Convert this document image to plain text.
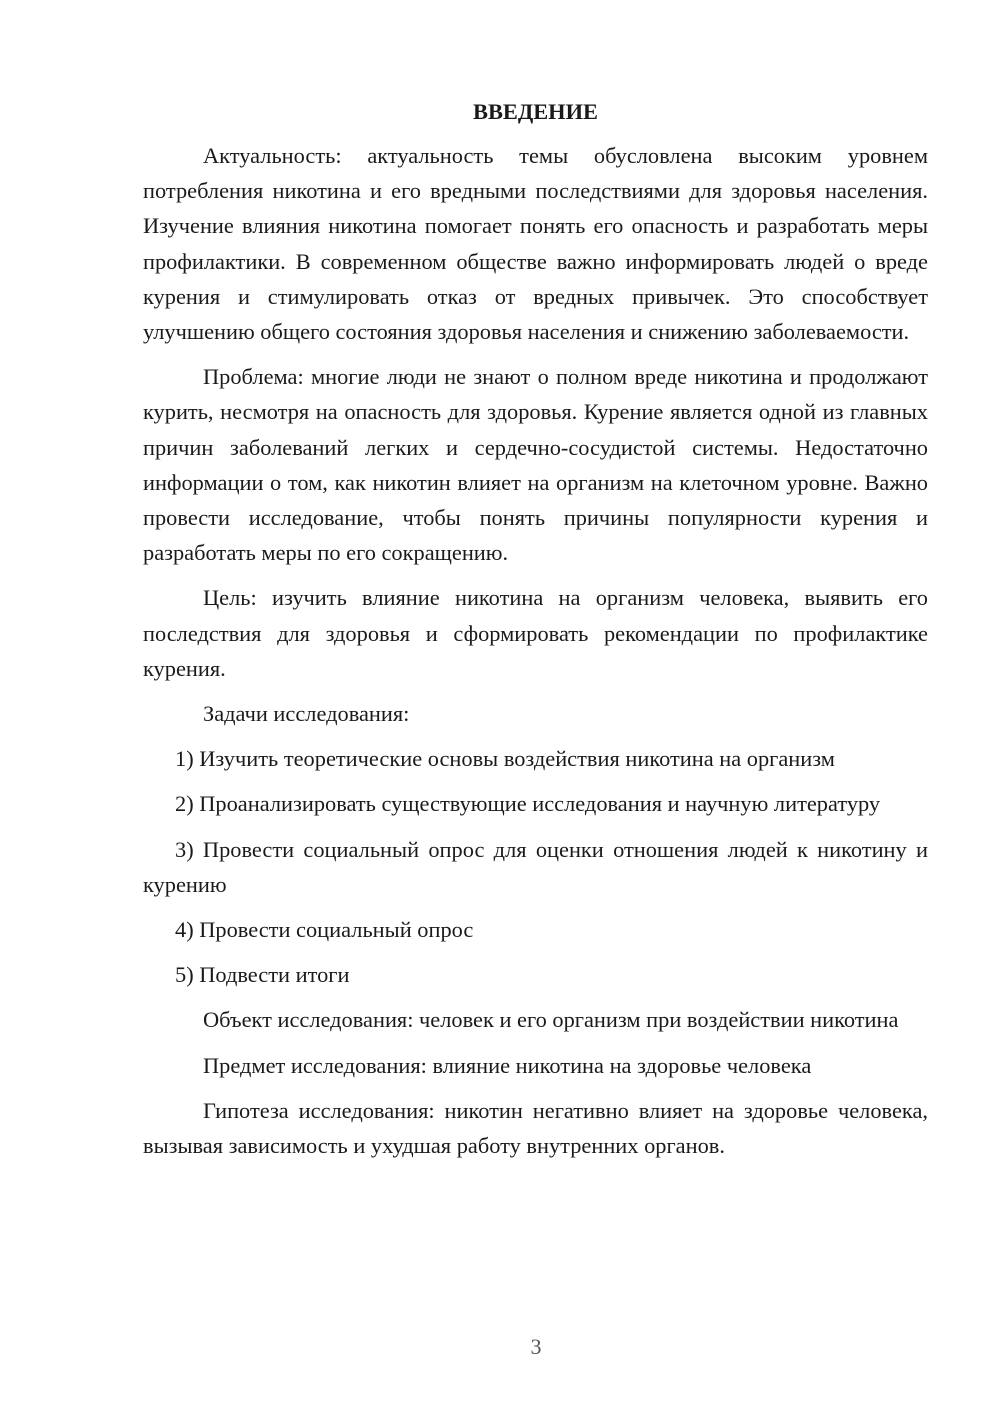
ВВЕДЕНИЕ

Актуальность: актуальность темы обусловлена высоким уровнем потребления никотина и его вредными последствиями для здоровья населения. Изучение влияния никотина помогает понять его опасность и разработать меры профилактики. В современном обществе важно информировать людей о вреде курения и стимулировать отказ от вредных привычек. Это способствует улучшению общего состояния здоровья населения и снижению заболеваемости.

Проблема: многие люди не знают о полном вреде никотина и продолжают курить, несмотря на опасность для здоровья. Курение является одной из главных причин заболеваний легких и сердечно-сосудистой системы. Недостаточно информации о том, как никотин влияет на организм на клеточном уровне. Важно провести исследование, чтобы понять причины популярности курения и разработать меры по его сокращению.

Цель: изучить влияние никотина на организм человека, выявить его последствия для здоровья и сформировать рекомендации по профилактике курения.

Задачи исследования:

1) Изучить теоретические основы воздействия никотина на организм

2) Проанализировать существующие исследования и научную литературу

3) Провести социальный опрос для оценки отношения людей к никотину и курению

4) Провести социальный опрос

5) Подвести итоги

Объект исследования: человек и его организм при воздействии никотина

Предмет исследования: влияние никотина на здоровье человека

Гипотеза исследования: никотин негативно влияет на здоровье человека, вызывая зависимость и ухудшая работу внутренних органов.

3
